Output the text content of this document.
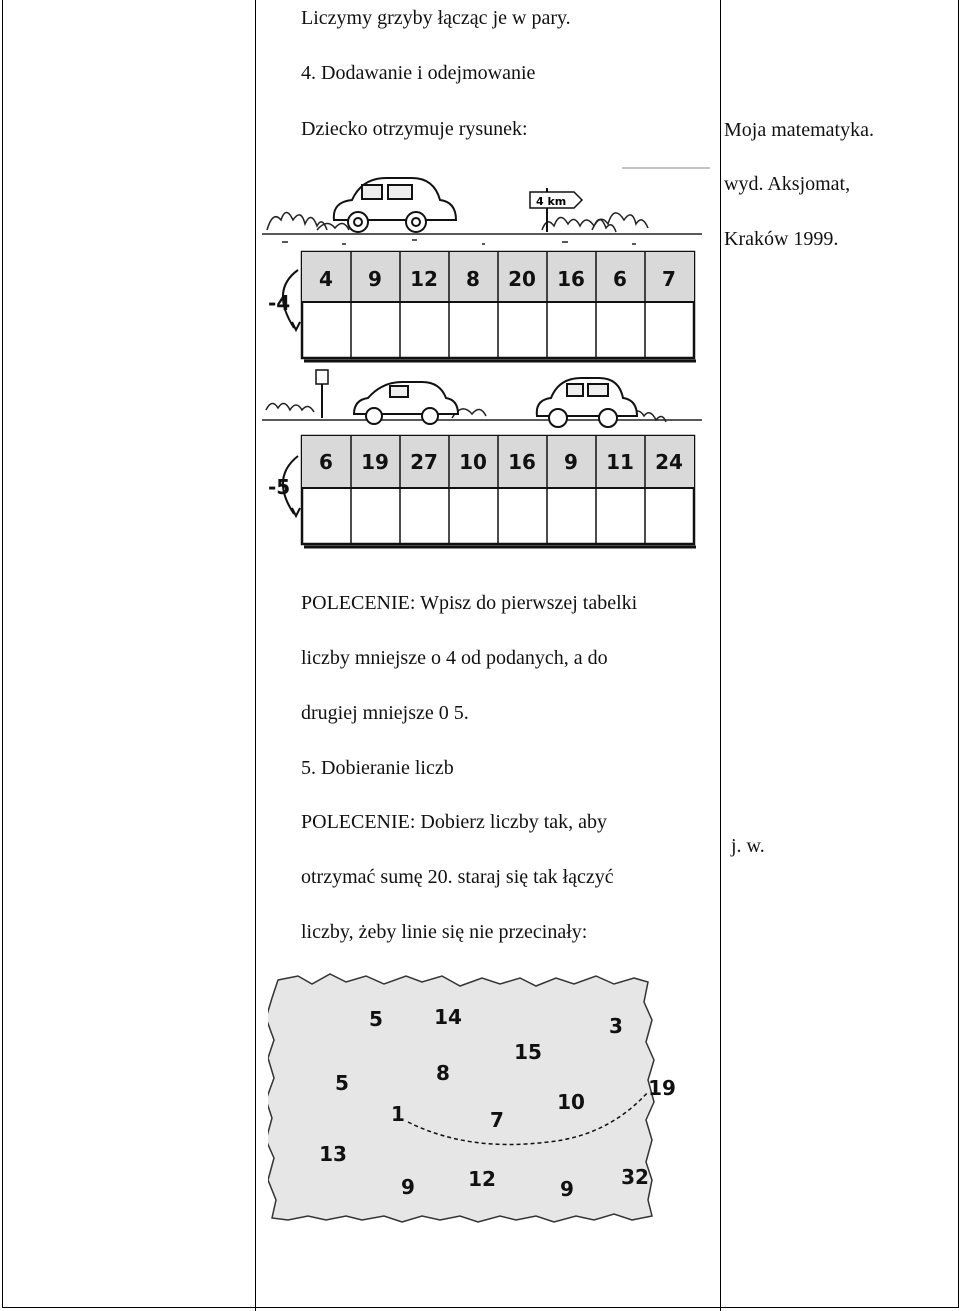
Liczymy grzyby łącząc je w pary.
4. Dodawanie i odejmowanie
Dziecko otrzymuje rysunek:	Moja matematyka.
wyd. Aksjomat,
Kraków 1999.
j. w.
4 km
4 9 12 8 20 16 6 7
-4
6 19 27 10 16 9 11 24
-5
POLECENIE: Wpisz do pierwszej tabelki
liczby mniejsze o 4 od podanych, a do
drugiej mniejsze 0 5.
5. Dobieranie liczb
POLECENIE: Dobierz liczby tak, aby
otrzymać sumę 20. staraj się tak łączyć
liczby, żeby linie się nie przecinały:
5	14	3
15
5	8
19
10
1	7
13
9	12	9 32
